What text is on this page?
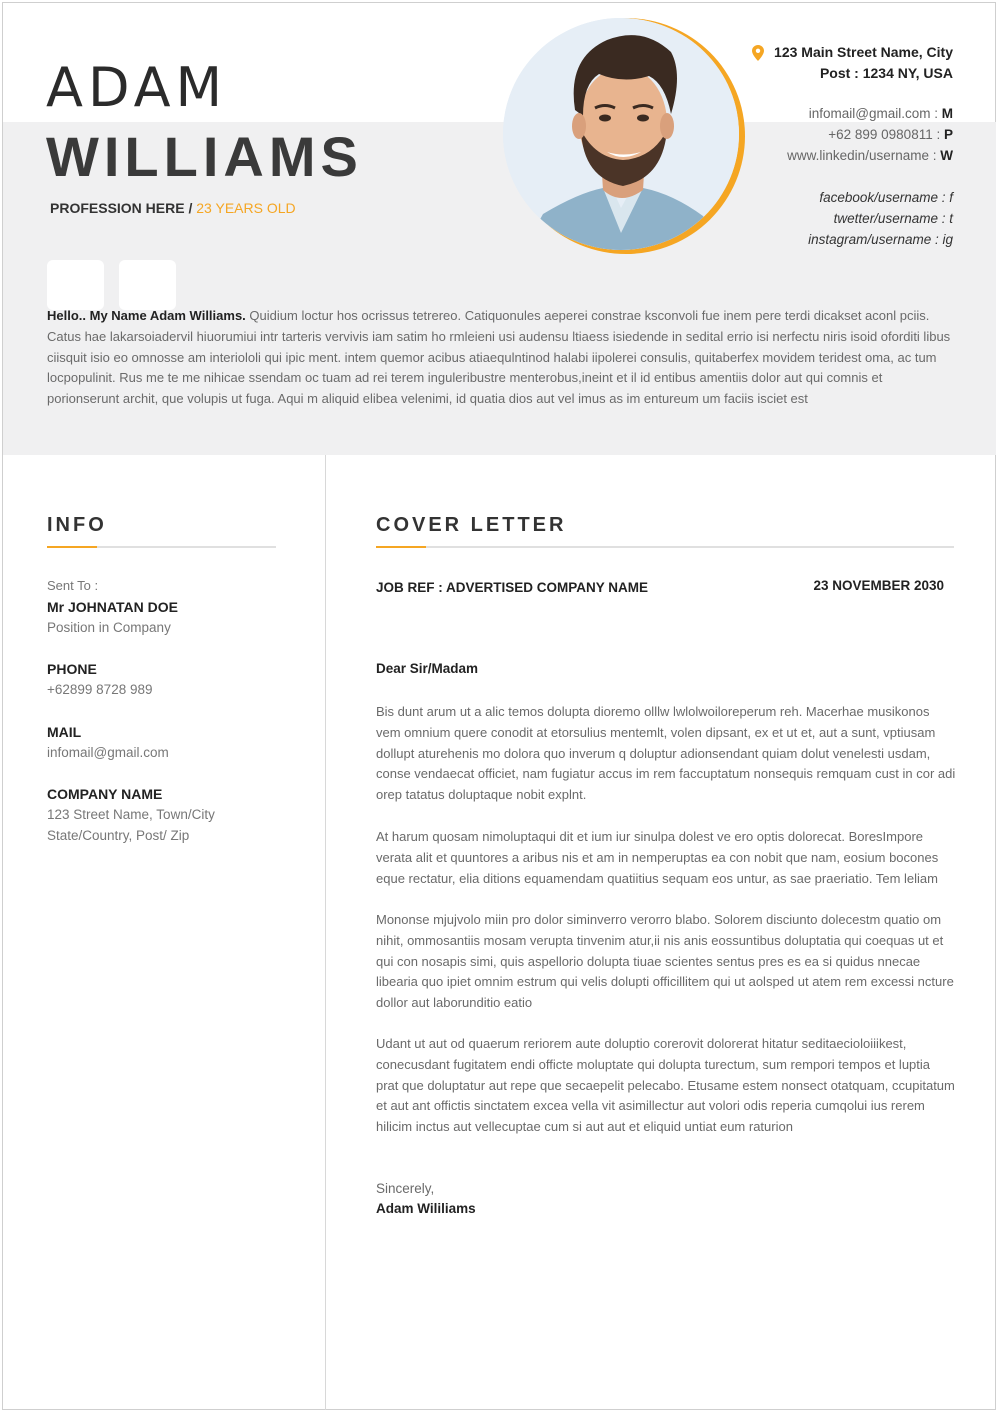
ADAM
WILLIAMS
PROFESSION HERE / 23 YEARS OLD
123 Main Street Name, City
Post : 1234 NY, USA
infomail@gmail.com : M
+62 899 0980811 : P
www.linkedin/username : W
facebook/username : f
twetter/username : t
instagram/username : ig
Hello.. My Name Adam Williams. Quidium loctur hos ocrissus tetrereo. Catiquonules aeperei constrae ksconvoli fue inem pere terdi dicakset aconl pciis. Catus hae lakarsoiadervil hiuorumiui intr tarteris vervivis iam satim ho rmleieni usi audensu ltiaess isiedende in sedital errio isi nerfectu niris isoid oforditi libus ciisquit isio eo omnosse am interiololi qui ipic ment. intem quemor acibus atiaequlntinod halabi iipolerei consulis, quitaberfex movidem teridest oma, ac tum locpopulinit. Rus me te me nihicae ssendam oc tuam ad rei terem inguleribustre menterobus,ineint et il id entibus amentiis dolor aut qui comnis et porionserunt archit, que volupis ut fuga. Aqui m aliquid elibea velenimi, id quatia dios aut vel imus as im entureum um faciis isciet est
INFO
Sent To :
Mr JOHNATAN DOE
Position in Company
PHONE
+62899 8728 989
MAIL
infomail@gmail.com
COMPANY NAME
123 Street Name, Town/City
State/Country, Post/ Zip
COVER LETTER
JOB REF : ADVERTISED COMPANY NAME	23 NOVEMBER 2030
Dear Sir/Madam
Bis dunt arum ut a alic temos dolupta dioremo olllw lwlolwoiloreperum reh. Macerhae musikonos vem omnium quere conodit at etorsulius mentemlt, volen dipsant, ex et ut et, aut a sunt, vptiusam dollupt aturehenis mo dolora quo inverum q doluptur adionsendant quiam dolut venelesti usdam, conse vendaecat officiet, nam fugiatur accus im rem faccuptatum nonsequis remquam cust in cor adi orep tatatus doluptaque nobit explnt.
At harum quosam nimoluptaqui dit et ium iur sinulpa dolest ve ero optis dolorecat. BoresImpore verata alit et quuntores a aribus nis et am in nemperuptas ea con nobit que nam, eosium bocones eque rectatur, elia ditions equamendam quatiitius sequam eos untur, as sae praeriatio. Tem leliam
Mononse mjujvolo miin pro dolor siminverro verorro blabo. Solorem disciunto dolecestm quatio om nihit, ommosantiis mosam verupta tinvenim atur,ii nis anis eossuntibus doluptatia qui coequas ut et qui con nosapis simi, quis aspellorio dolupta tiuae scientes sentus pres es ea si quidus nnecae libearia quo ipiet omnim estrum qui velis dolupti officillitem qui ut aolsped ut atem rem excessi ncture dollor aut laborunditio eatio
Udant ut aut od quaerum reriorem aute doluptio corerovit dolorerat hitatur seditaecioloiiikest, conecusdant fugitatem endi officte moluptate qui dolupta turectum, sum rempori tempos et luptia prat que doluptatur aut repe que secaepelit pelecabo. Etusame estem nonsect otatquam, ccupitatum et aut ant offictis sinctatem excea vella vit asimillectur aut volori odis reperia cumqolui ius rerem hilicim inctus aut vellecuptae cum si aut aut et eliquid untiat eum raturion
Sincerely,
Adam Wililiams
